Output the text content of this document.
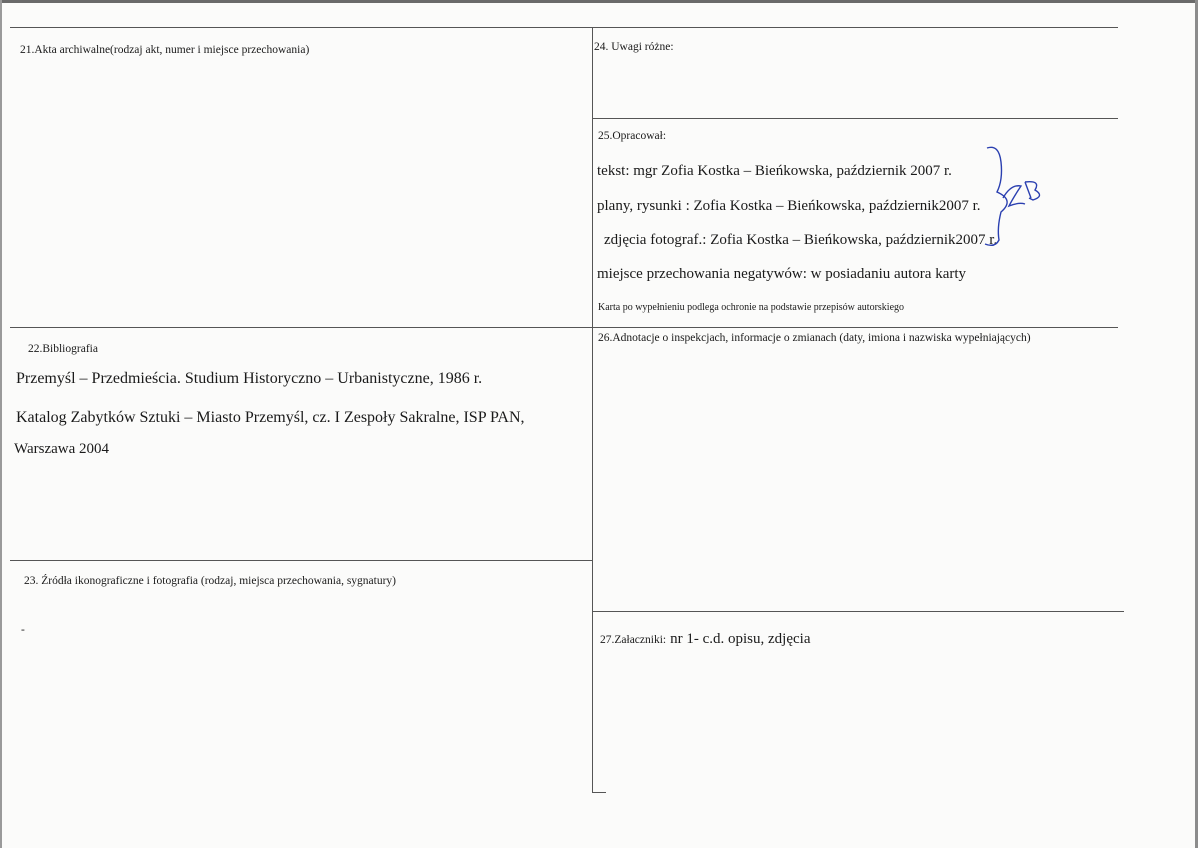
21.Akta archiwalne(rodzaj akt, numer i miejsce przechowania)
22.Bibliografia
Przemyśl – Przedmieścia. Studium Historyczno – Urbanistyczne, 1986 r.
Katalog Zabytków Sztuki – Miasto Przemyśl, cz. I Zespoły Sakralne, ISP PAN,
Warszawa 2004
23. Źródła ikonograficzne i fotografia (rodzaj, miejsca przechowania, sygnatury)
-
24. Uwagi różne:
25.Opracował:
tekst: mgr Zofia Kostka – Bieńkowska, październik 2007 r.
plany, rysunki : Zofia Kostka – Bieńkowska, październik2007 r.
zdjęcia fotograf.: Zofia Kostka – Bieńkowska, październik2007 r.
miejsce przechowania negatywów: w posiadaniu autora karty
Karta po wypełnieniu podlega ochronie na podstawie przepisów autorskiego
26.Adnotacje o inspekcjach, informacje o zmianach (daty, imiona i nazwiska wypełniających)
27.Załaczniki: nr 1- c.d. opisu, zdjęcia
